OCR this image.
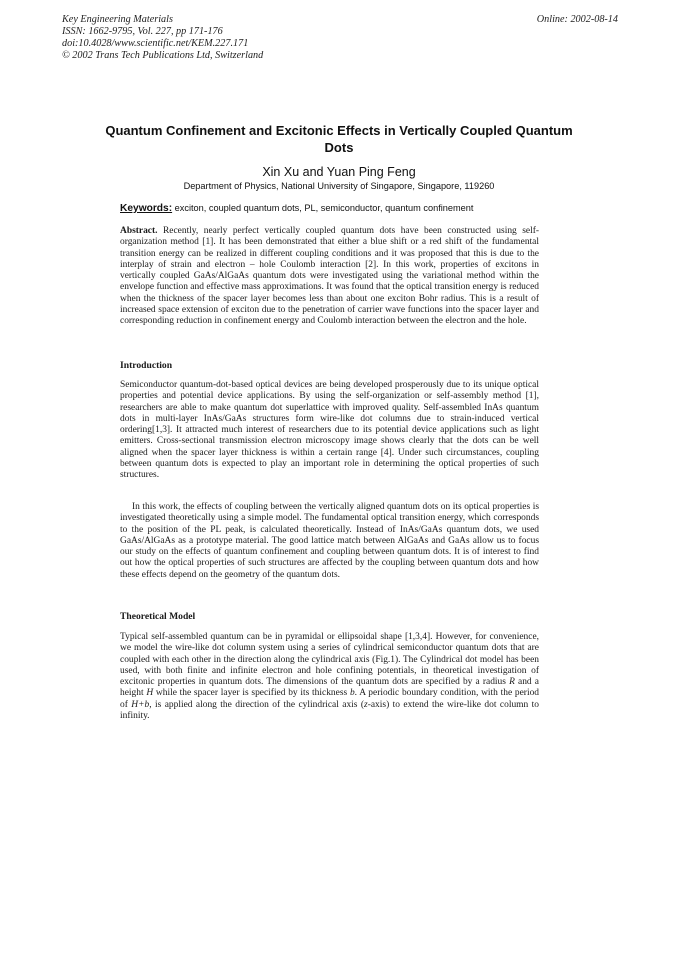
Key Engineering Materials
ISSN: 1662-9795, Vol. 227, pp 171-176
doi:10.4028/www.scientific.net/KEM.227.171
© 2002 Trans Tech Publications Ltd, Switzerland
Online: 2002-08-14
Quantum Confinement and Excitonic Effects in Vertically Coupled Quantum Dots
Xin Xu and Yuan Ping Feng
Department of Physics, National University of Singapore, Singapore, 119260
Keywords: exciton, coupled quantum dots, PL, semiconductor, quantum confinement
Abstract. Recently, nearly perfect vertically coupled quantum dots have been constructed using self-organization method [1]. It has been demonstrated that either a blue shift or a red shift of the fundamental transition energy can be realized in different coupling conditions and it was proposed that this is due to the interplay of strain and electron – hole Coulomb interaction [2]. In this work, properties of excitons in vertically coupled GaAs/AlGaAs quantum dots were investigated using the variational method within the envelope function and effective mass approximations. It was found that the optical transition energy is reduced when the thickness of the spacer layer becomes less than about one exciton Bohr radius. This is a result of increased space extension of exciton due to the penetration of carrier wave functions into the spacer layer and corresponding reduction in confinement energy and Coulomb interaction between the electron and the hole.
Introduction
Semiconductor quantum-dot-based optical devices are being developed prosperously due to its unique optical properties and potential device applications. By using the self-organization or self-assembly method [1], researchers are able to make quantum dot superlattice with improved quality. Self-assembled InAs quantum dots in multi-layer InAs/GaAs structures form wire-like dot columns due to strain-induced vertical ordering[1,3]. It attracted much interest of researchers due to its potential device applications such as light emitters. Cross-sectional transmission electron microscopy image shows clearly that the dots can be well aligned when the spacer layer thickness is within a certain range [4]. Under such circumstances, coupling between quantum dots is expected to play an important role in determining the optical properties of such structures.
In this work, the effects of coupling between the vertically aligned quantum dots on its optical properties is investigated theoretically using a simple model. The fundamental optical transition energy, which corresponds to the position of the PL peak, is calculated theoretically. Instead of InAs/GaAs quantum dots, we used GaAs/AlGaAs as a prototype material. The good lattice match between AlGaAs and GaAs allow us to focus our study on the effects of quantum confinement and coupling between quantum dots. It is of interest to find out how the optical properties of such structures are affected by the coupling between quantum dots and how these effects depend on the geometry of the quantum dots.
Theoretical Model
Typical self-assembled quantum can be in pyramidal or ellipsoidal shape [1,3,4]. However, for convenience, we model the wire-like dot column system using a series of cylindrical semiconductor quantum dots that are coupled with each other in the direction along the cylindrical axis (Fig.1). The Cylindrical dot model has been used, with both finite and infinite electron and hole confining potentials, in theoretical investigation of excitonic properties in quantum dots. The dimensions of the quantum dots are specified by a radius R and a height H while the spacer layer is specified by its thickness b. A periodic boundary condition, with the period of H+b, is applied along the direction of the cylindrical axis (z-axis) to extend the wire-like dot column to infinity.
